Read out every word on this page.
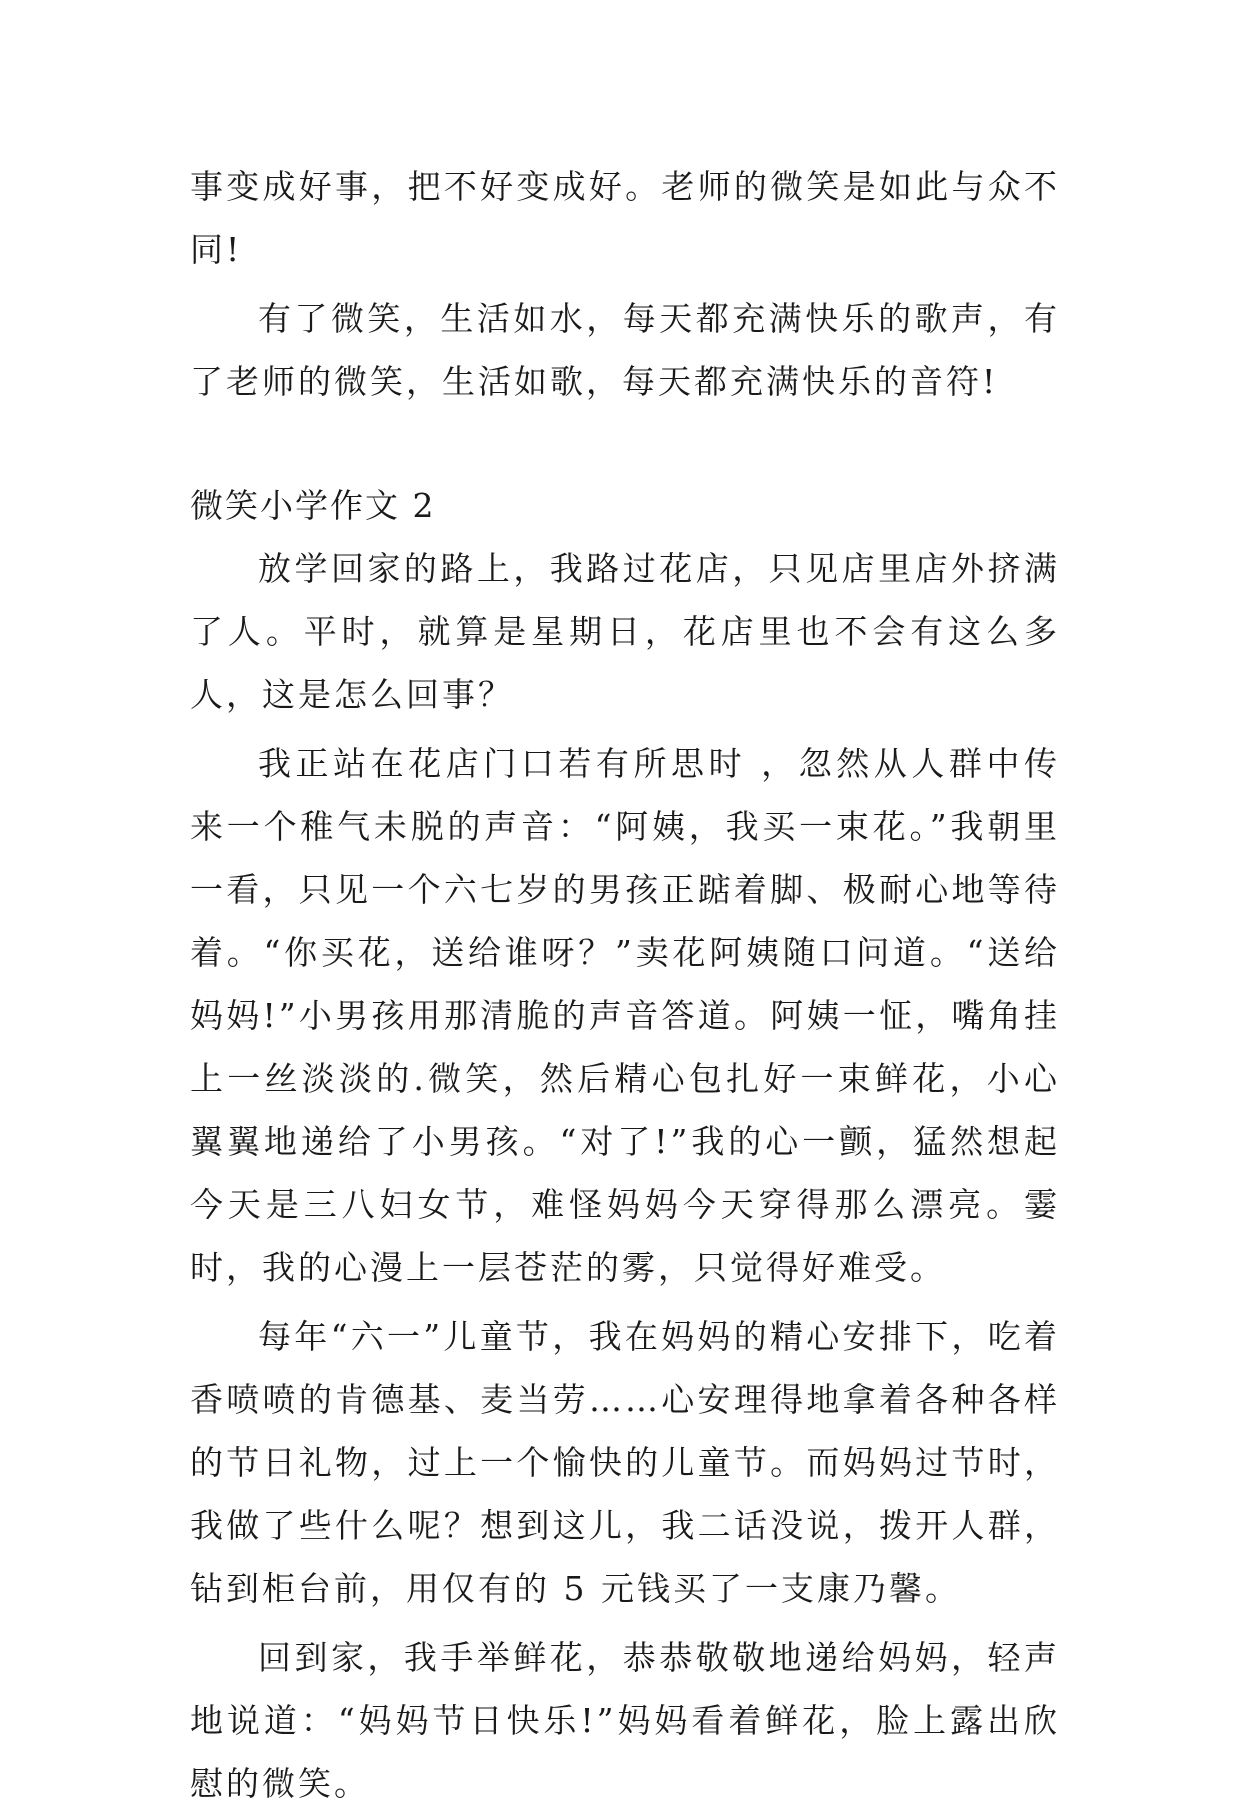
事变成好事，把不好变成好。老师的微笑是如此与众不同!

有了微笑，生活如水，每天都充满快乐的歌声，有了老师的微笑，生活如歌，每天都充满快乐的音符!

微笑小学作文 2

放学回家的路上，我路过花店，只见店里店外挤满了人。平时，就算是星期日，花店里也不会有这么多人，这是怎么回事？

我正站在花店门口若有所思时 ，忽然从人群中传来一个稚气未脱的声音：“阿姨，我买一束花。”我朝里一看，只见一个六七岁的男孩正踮着脚、极耐心地等待着。“你买花，送给谁呀？”卖花阿姨随口问道。“送给妈妈!”小男孩用那清脆的声音答道。阿姨一怔，嘴角挂上一丝淡淡的.微笑，然后精心包扎好一束鲜花，小心翼翼地递给了小男孩。“对了!”我的心一颤，猛然想起今天是三八妇女节，难怪妈妈今天穿得那么漂亮。霎时，我的心漫上一层苍茫的雾，只觉得好难受。

每年“六一”儿童节，我在妈妈的精心安排下，吃着香喷喷的肯德基、麦当劳……心安理得地拿着各种各样的节日礼物，过上一个愉快的儿童节。而妈妈过节时，我做了些什么呢？想到这儿，我二话没说，拨开人群，钻到柜台前，用仅有的 5 元钱买了一支康乃馨。

回到家，我手举鲜花，恭恭敬敬地递给妈妈，轻声地说道：“妈妈节日快乐!”妈妈看着鲜花，脸上露出欣慰的微笑。
